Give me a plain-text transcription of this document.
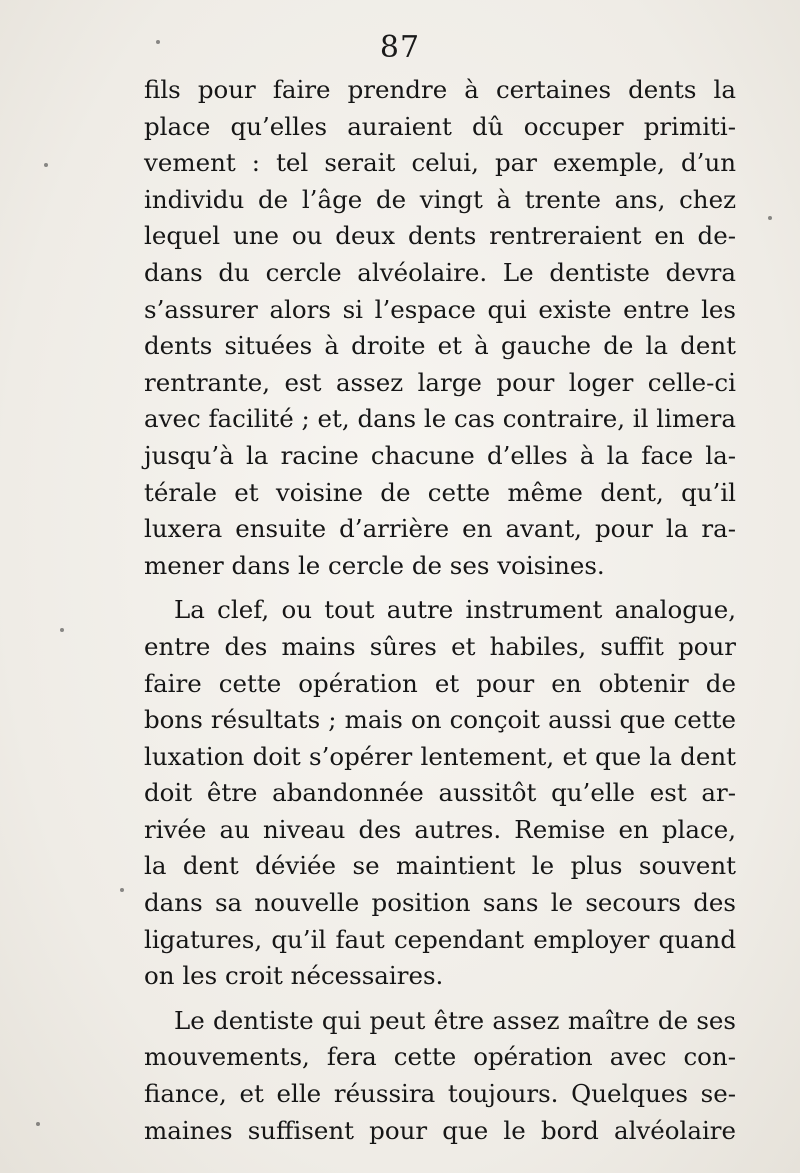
87
fils pour faire prendre à certaines dents la
place qu’elles auraient dû occuper primiti-
vement : tel serait celui, par exemple, d’un
individu de l’âge de vingt à trente ans, chez
lequel une ou deux dents rentreraient en de-
dans du cercle alvéolaire. Le dentiste devra
s’assurer alors si l’espace qui existe entre les
dents situées à droite et à gauche de la dent
rentrante, est assez large pour loger celle-ci
avec facilité ; et, dans le cas contraire, il limera
jusqu’à la racine chacune d’elles à la face la-
térale et voisine de cette même dent, qu’il
luxera ensuite d’arrière en avant, pour la ra-
mener dans le cercle de ses voisines.
La clef, ou tout autre instrument analogue,
entre des mains sûres et habiles, suffit pour
faire cette opération et pour en obtenir de
bons résultats ; mais on conçoit aussi que cette
luxation doit s’opérer lentement, et que la dent
doit être abandonnée aussitôt qu’elle est ar-
rivée au niveau des autres. Remise en place,
la dent déviée se maintient le plus souvent
dans sa nouvelle position sans le secours des
ligatures, qu’il faut cependant employer quand
on les croit nécessaires.
Le dentiste qui peut être assez maître de ses
mouvements, fera cette opération avec con-
fiance, et elle réussira toujours. Quelques se-
maines suffisent pour que le bord alvéolaire
